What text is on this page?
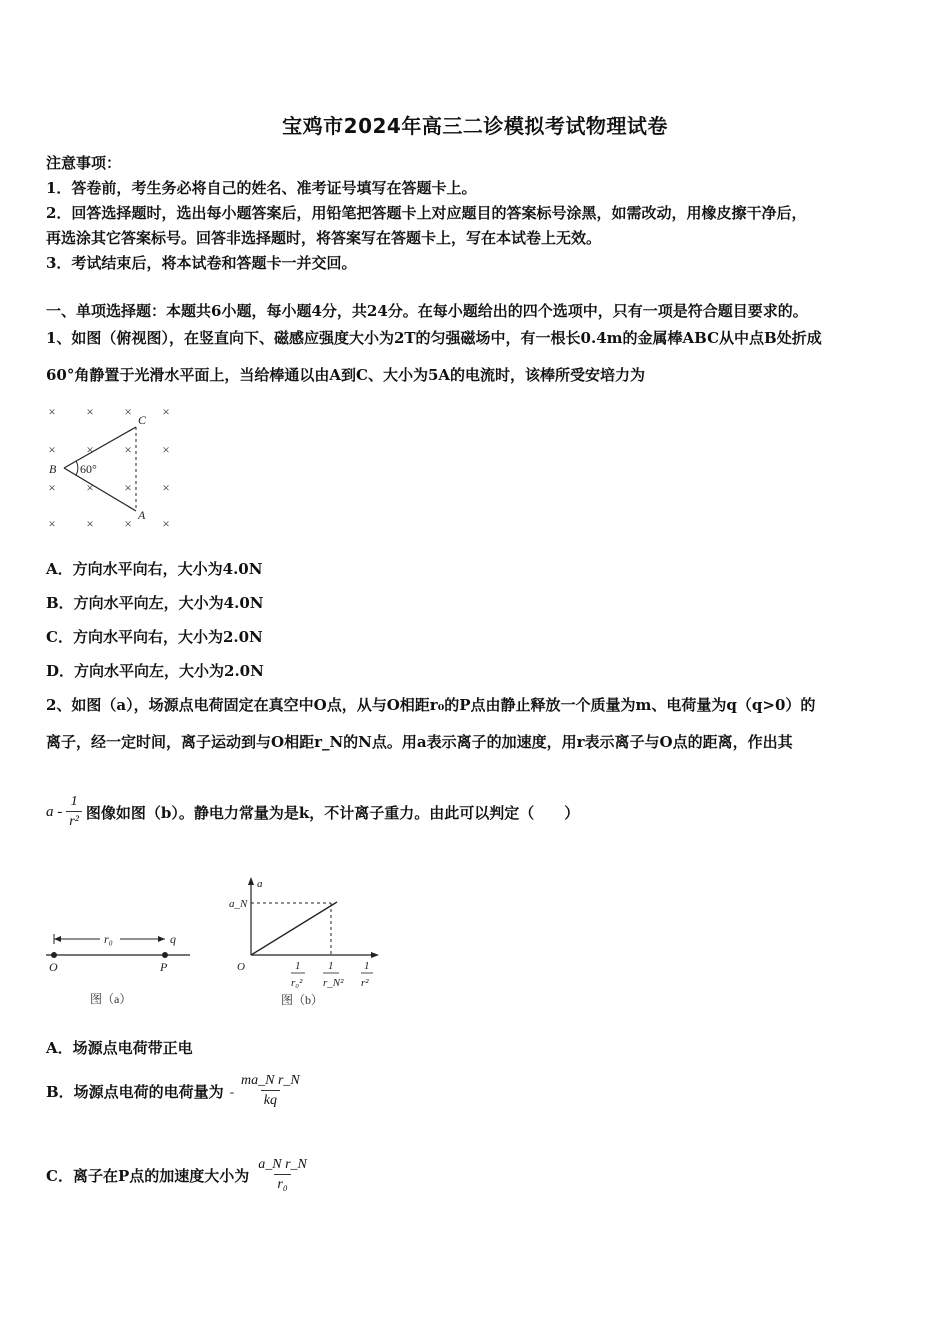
宝鸡市2024年高三二诊模拟考试物理试卷
注意事项：
1．答卷前，考生务必将自己的姓名、准考证号填写在答题卡上。
2．回答选择题时，选出每小题答案后，用铅笔把答题卡上对应题目的答案标号涂黑，如需改动，用橡皮擦干净后，
再选涂其它答案标号。回答非选择题时，将答案写在答题卡上，写在本试卷上无效。
3．考试结束后，将本试卷和答题卡一并交回。
一、单项选择题：本题共6小题，每小题4分，共24分。在每小题给出的四个选项中，只有一项是符合题目要求的。
1、如图（俯视图），在竖直向下、磁感应强度大小为2T的匀强磁场中，有一根长0.4m的金属棒ABC从中点B处折成
60°角静置于光滑水平面上，当给棒通以由A到C、大小为5A的电流时，该棒所受安培力为
× × × ×
× × × ×
× × × ×
× × × ×
C
B
A
60°
A．方向水平向右，大小为4.0N
B．方向水平向左，大小为4.0N
C．方向水平向右，大小为2.0N
D．方向水平向左，大小为2.0N
2、如图（a），场源点电荷固定在真空中O点，从与O相距r₀的P点由静止释放一个质量为m、电荷量为q（q>0）的
离子，经一定时间，离子运动到与O相距r_N的N点。用a表示离子的加速度，用r表示离子与O点的距离，作出其
a - $\frac{1}{\text{r²}}$ 图像如图（b）。静电力常量为是k，不计离子重力。由此可以判定（　　）
r₀	q
O	P
图（a）
a
a_N
O	1
r₀²
1
r_N²
1
r²
图（b）
A．场源点电荷带正电
B．场源点电荷的电荷量为 - $\frac{\text{ma\_N r\_N}}{kq}$
C．离子在P点的加速度大小为 $\frac{\text{a\_N r\_N}}{\text{r₀}}$
